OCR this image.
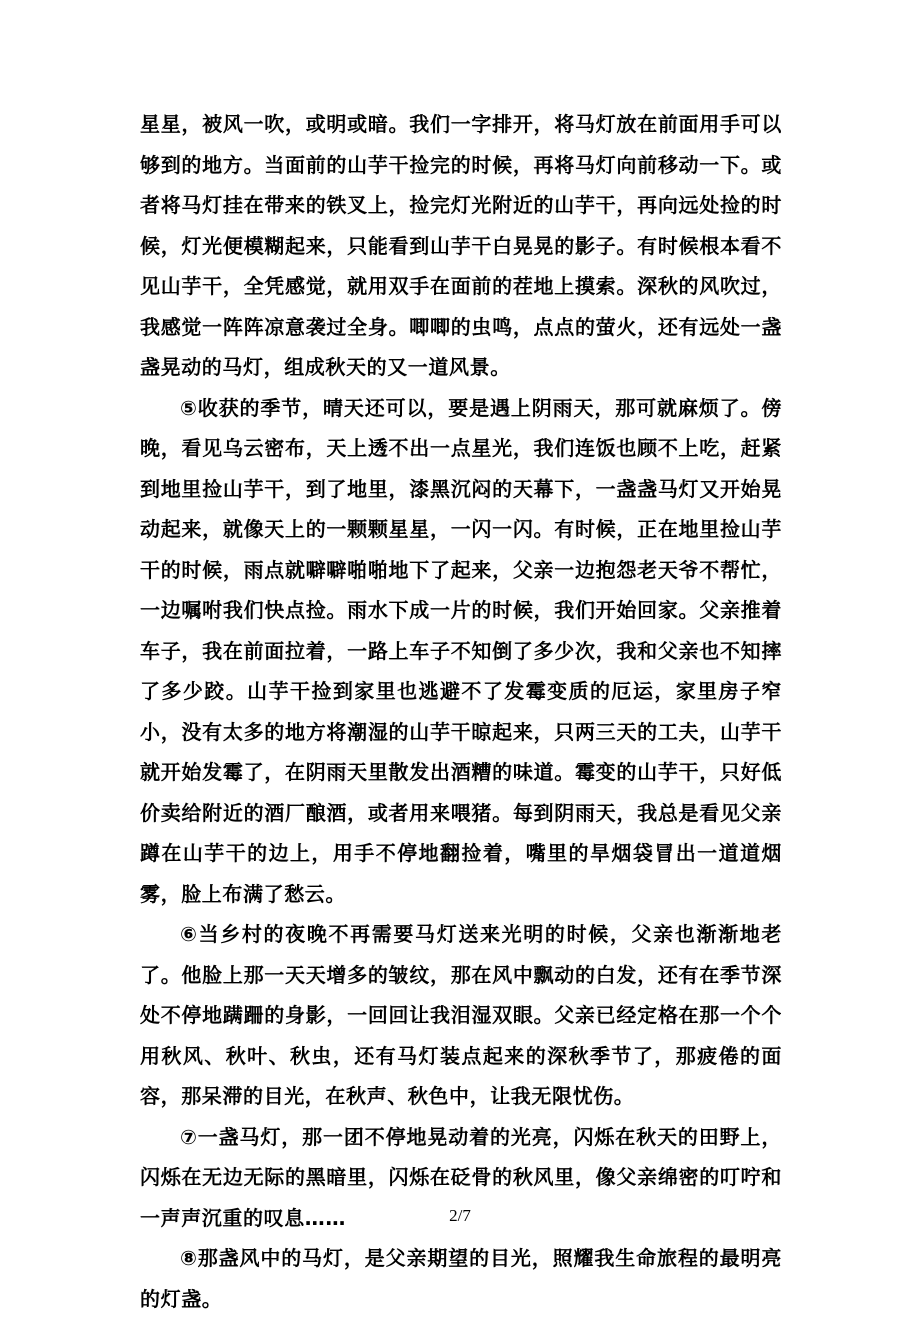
星星，被风一吹，或明或暗。我们一字排开，将马灯放在前面用手可以够到的地方。当面前的山芋干捡完的时候，再将马灯向前移动一下。或者将马灯挂在带来的铁叉上，捡完灯光附近的山芋干，再向远处捡的时候，灯光便模糊起来，只能看到山芋干白晃晃的影子。有时候根本看不见山芋干，全凭感觉，就用双手在面前的茬地上摸索。深秋的风吹过，我感觉一阵阵凉意袭过全身。唧唧的虫鸣，点点的萤火，还有远处一盏盏晃动的马灯，组成秋天的又一道风景。

⑤收获的季节，晴天还可以，要是遇上阴雨天，那可就麻烦了。傍晚，看见乌云密布，天上透不出一点星光，我们连饭也顾不上吃，赶紧到地里捡山芋干，到了地里，漆黑沉闷的天幕下，一盏盏马灯又开始晃动起来，就像天上的一颗颗星星，一闪一闪。有时候，正在地里捡山芋干的时候，雨点就噼噼啪啪地下了起来，父亲一边抱怨老天爷不帮忙，一边嘱咐我们快点捡。雨水下成一片的时候，我们开始回家。父亲推着车子，我在前面拉着，一路上车子不知倒了多少次，我和父亲也不知摔了多少跤。山芋干捡到家里也逃避不了发霉变质的厄运，家里房子窄小，没有太多的地方将潮湿的山芋干晾起来，只两三天的工夫，山芋干就开始发霉了，在阴雨天里散发出酒糟的味道。霉变的山芋干，只好低价卖给附近的酒厂酿酒，或者用来喂猪。每到阴雨天，我总是看见父亲蹲在山芋干的边上，用手不停地翻捡着，嘴里的旱烟袋冒出一道道烟雾，脸上布满了愁云。

⑥当乡村的夜晚不再需要马灯送来光明的时候，父亲也渐渐地老了。他脸上那一天天增多的皱纹，那在风中飘动的白发，还有在季节深处不停地蹒跚的身影，一回回让我泪湿双眼。父亲已经定格在那一个个用秋风、秋叶、秋虫，还有马灯装点起来的深秋季节了，那疲倦的面容，那呆滞的目光，在秋声、秋色中，让我无限忧伤。

⑦一盏马灯，那一团不停地晃动着的光亮，闪烁在秋天的田野上，闪烁在无边无际的黑暗里，闪烁在砭骨的秋风里，像父亲绵密的叮咛和一声声沉重的叹息……

⑧那盏风中的马灯，是父亲期望的目光，照耀我生命旅程的最明亮的灯盏。

2/7
